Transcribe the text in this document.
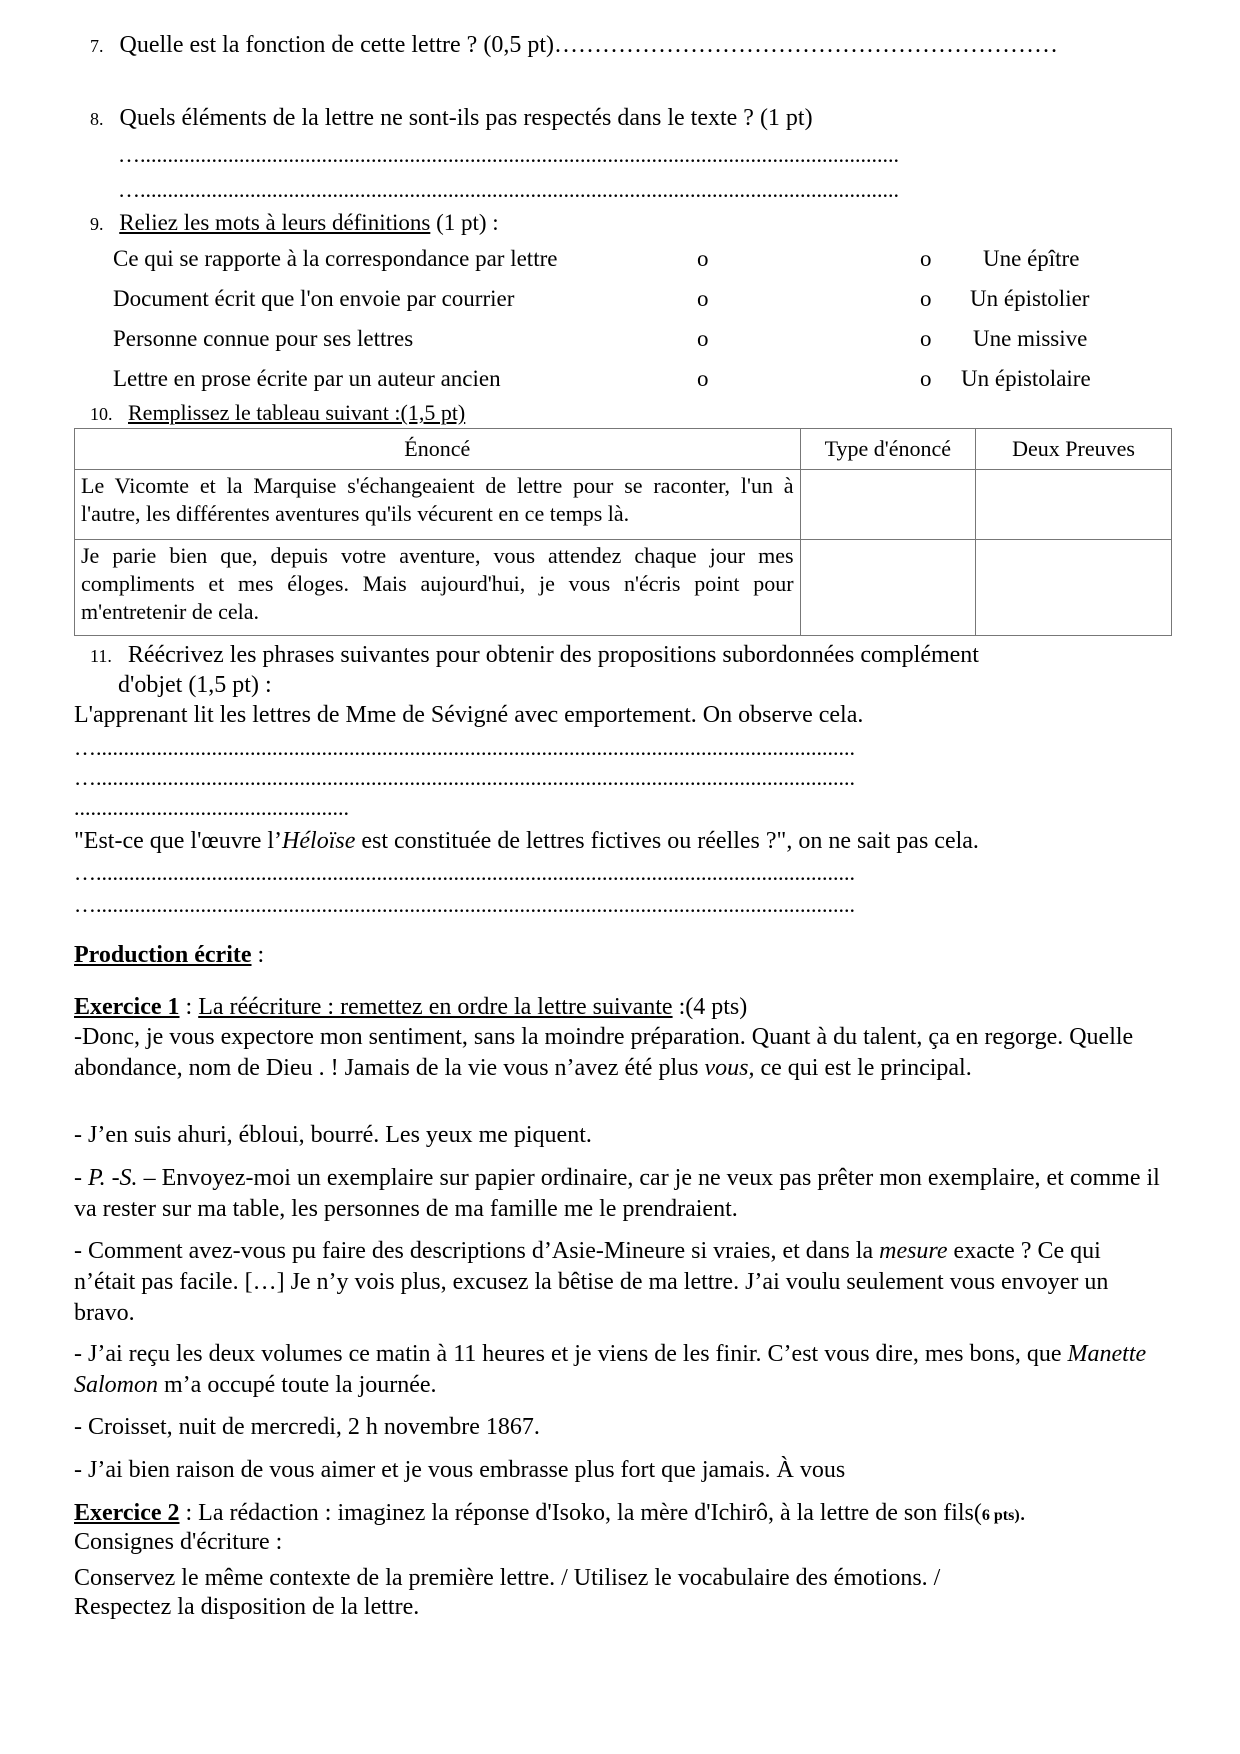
7. Quelle est la fonction de cette lettre ? (0,5 pt)………………………………………………………
8. Quels éléments de la lettre ne sont-ils pas respectés dans le texte ? (1 pt)
…..........................................................................................................................................
…..........................................................................................................................................
9. Reliez les mots à leurs définitions (1 pt) :
Ce qui se rapporte à la correspondance par lettre	o	o Une épître
Document écrit que l'on envoie par courrier	o	o Un épistolier
Personne connue pour ses lettres	o	o Une missive
Lettre en prose écrite par un auteur ancien	o	o Un épistolaire
10. Remplissez le tableau suivant :(1,5 pt)
Énoncé	Type d'énoncé	Deux Preuves
Le Vicomte et la Marquise s'échangeaient de lettre pour se raconter, l'un à l'autre, les différentes aventures qu'ils vécurent en ce temps là.		
Je parie bien que, depuis votre aventure, vous attendez chaque jour mes compliments et mes éloges. Mais aujourd'hui, je vous n'écris point pour m'entretenir de cela.		
11. Réécrivez les phrases suivantes pour obtenir des propositions subordonnées complément
d'objet (1,5 pt) :
L'apprenant lit les lettres de Mme de Sévigné avec emportement. On observe cela.
…..........................................................................................................................................
…..........................................................................................................................................
..................................................
"Est-ce que l'œuvre l’Héloïse est constituée de lettres fictives ou réelles ?", on ne sait pas cela.
…..........................................................................................................................................
…..........................................................................................................................................
Production écrite :
Exercice 1 : La réécriture : remettez en ordre la lettre suivante :(4 pts)
-Donc, je vous expectore mon sentiment, sans la moindre préparation. Quant à du talent, ça en regorge. Quelle abondance, nom de Dieu . ! Jamais de la vie vous n’avez été plus vous, ce qui est le principal.
- J’en suis ahuri, ébloui, bourré. Les yeux me piquent.
- P. -S. – Envoyez-moi un exemplaire sur papier ordinaire, car je ne veux pas prêter mon exemplaire, et comme il va rester sur ma table, les personnes de ma famille me le prendraient.
- Comment avez-vous pu faire des descriptions d’Asie-Mineure si vraies, et dans la mesure exacte ? Ce qui n’était pas facile. […] Je n’y vois plus, excusez la bêtise de ma lettre. J’ai voulu seulement vous envoyer un bravo.
- J’ai reçu les deux volumes ce matin à 11 heures et je viens de les finir. C’est vous dire, mes bons, que Manette Salomon m’a occupé toute la journée.
- Croisset, nuit de mercredi, 2 h novembre 1867.
- J’ai bien raison de vous aimer et je vous embrasse plus fort que jamais. À vous
Exercice 2 : La rédaction : imaginez la réponse d'Isoko, la mère d'Ichirô, à la lettre de son fils(6 pts).
Consignes d'écriture :
Conservez le même contexte de la première lettre. / Utilisez le vocabulaire des émotions. /
Respectez la disposition de la lettre.
